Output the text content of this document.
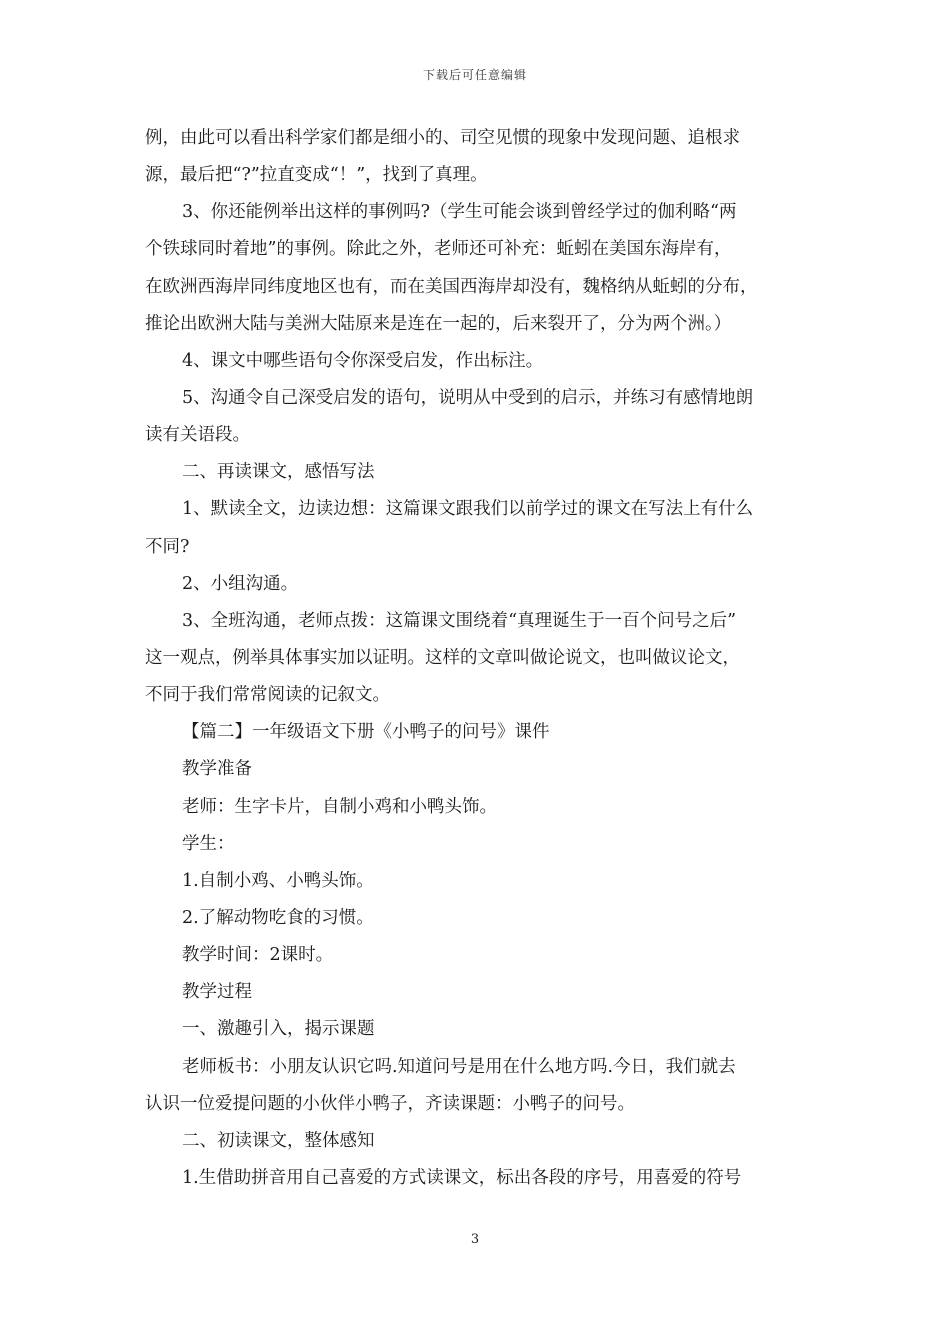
下载后可任意编辑
例，由此可以看出科学家们都是细小的、司空见惯的现象中发现问题、追根求
源，最后把“?”拉直变成“！”，找到了真理。
3、你还能例举出这样的事例吗?（学生可能会谈到曾经学过的伽利略“两
个铁球同时着地”的事例。除此之外，老师还可补充：蚯蚓在美国东海岸有，
在欧洲西海岸同纬度地区也有，而在美国西海岸却没有，魏格纳从蚯蚓的分布，
推论出欧洲大陆与美洲大陆原来是连在一起的，后来裂开了，分为两个洲。）
4、课文中哪些语句令你深受启发，作出标注。
5、沟通令自己深受启发的语句，说明从中受到的启示，并练习有感情地朗
读有关语段。
二、再读课文，感悟写法
1、默读全文，边读边想：这篇课文跟我们以前学过的课文在写法上有什么
不同?
2、小组沟通。
3、全班沟通，老师点拨：这篇课文围绕着“真理诞生于一百个问号之后”
这一观点，例举具体事实加以证明。这样的文章叫做论说文，也叫做议论文，
不同于我们常常阅读的记叙文。
【篇二】一年级语文下册《小鸭子的问号》课件
教学准备
老师：生字卡片，自制小鸡和小鸭头饰。
学生：
1.自制小鸡、小鸭头饰。
2.了解动物吃食的习惯。
教学时间：2课时。
教学过程
一、激趣引入，揭示课题
老师板书：小朋友认识它吗.知道问号是用在什么地方吗.今日，我们就去
认识一位爱提问题的小伙伴小鸭子，齐读课题：小鸭子的问号。
二、初读课文，整体感知
1.生借助拼音用自己喜爱的方式读课文，标出各段的序号，用喜爱的符号
3
